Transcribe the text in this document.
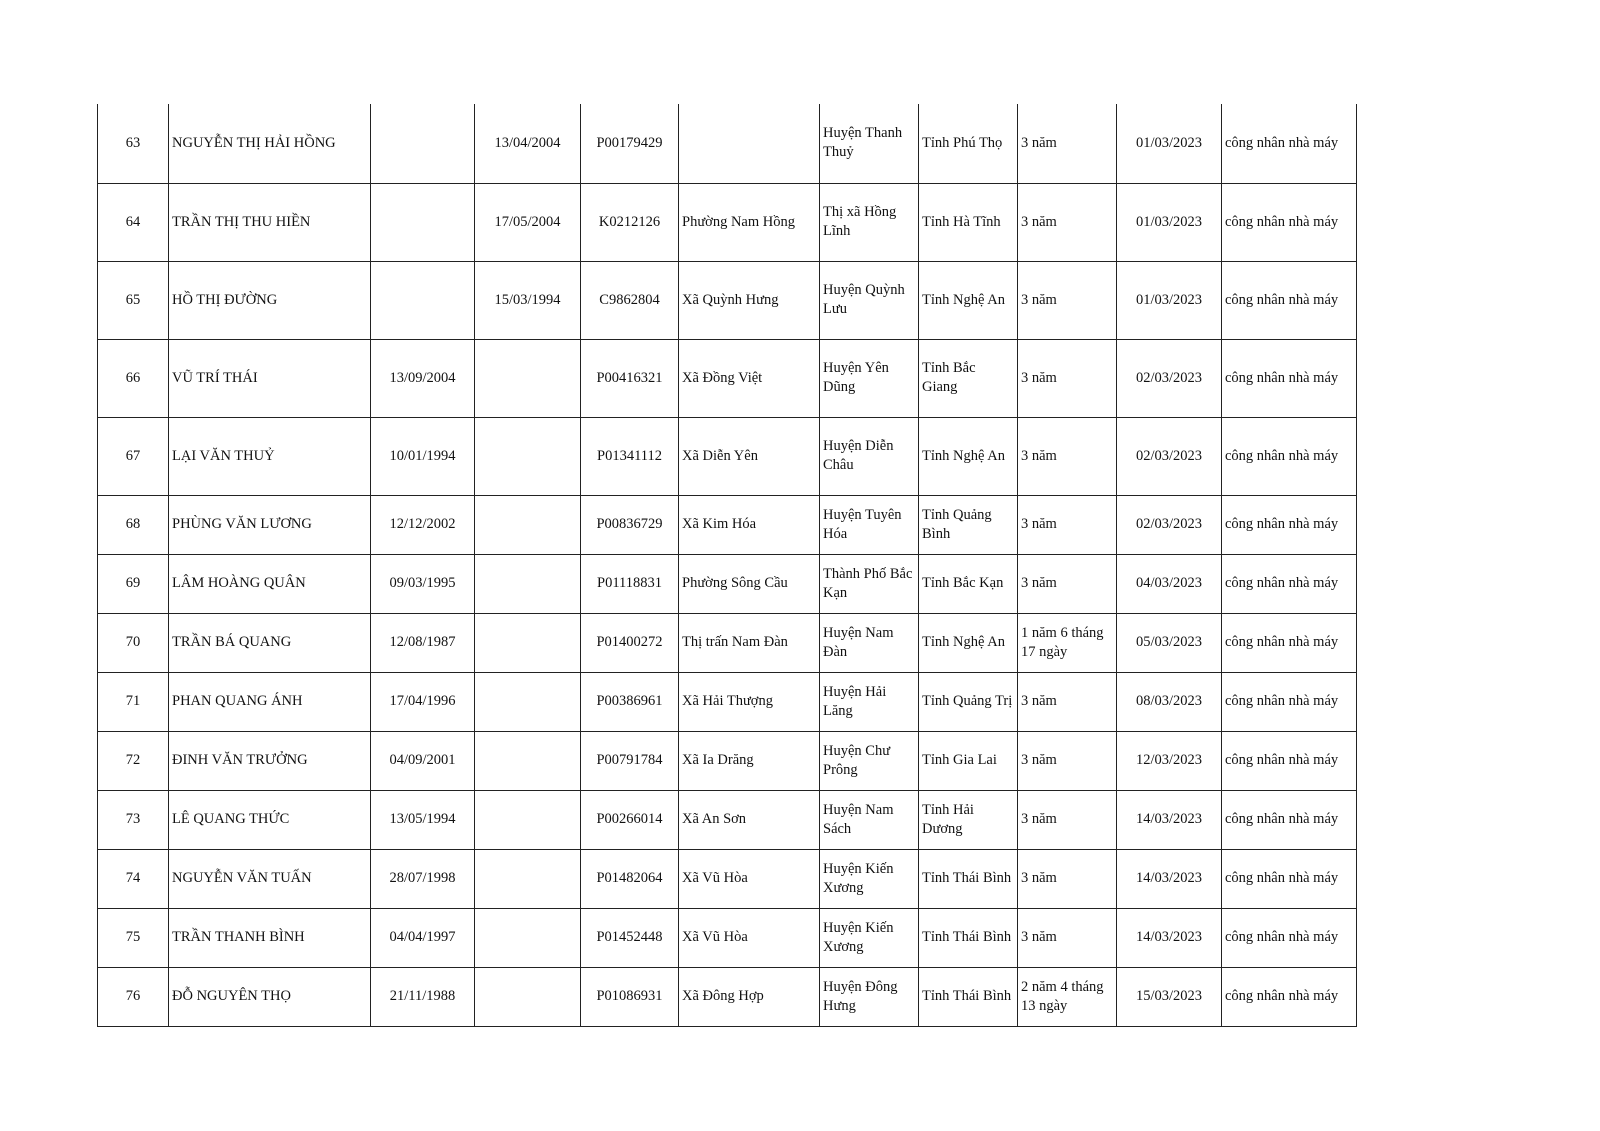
63	NGUYỄN THỊ HẢI HỒNG		13/04/2004	P00179429		Huyện Thanh Thuỷ	Tỉnh Phú Thọ	3 năm	01/03/2023	công nhân nhà máy
64	TRẦN THỊ THU HIỀN		17/05/2004	K0212126	Phường Nam Hồng	Thị xã Hồng Lĩnh	Tỉnh Hà Tĩnh	3 năm	01/03/2023	công nhân nhà máy
65	HỒ THỊ ĐƯỜNG		15/03/1994	C9862804	Xã Quỳnh Hưng	Huyện Quỳnh Lưu	Tỉnh Nghệ An	3 năm	01/03/2023	công nhân nhà máy
66	VŨ TRÍ THÁI	13/09/2004		P00416321	Xã Đồng Việt	Huyện Yên Dũng	Tỉnh Bắc Giang	3 năm	02/03/2023	công nhân nhà máy
67	LẠI VĂN THUỶ	10/01/1994		P01341112	Xã Diễn Yên	Huyện Diễn Châu	Tỉnh Nghệ An	3 năm	02/03/2023	công nhân nhà máy
68	PHÙNG VĂN LƯƠNG	12/12/2002		P00836729	Xã Kim Hóa	Huyện Tuyên Hóa	Tỉnh Quảng Bình	3 năm	02/03/2023	công nhân nhà máy
69	LÂM HOÀNG QUÂN	09/03/1995		P01118831	Phường Sông Cầu	Thành Phố Bắc Kạn	Tỉnh Bắc Kạn	3 năm	04/03/2023	công nhân nhà máy
70	TRẦN BÁ QUANG	12/08/1987		P01400272	Thị trấn Nam Đàn	Huyện Nam Đàn	Tỉnh Nghệ An	1 năm 6 tháng 17 ngày	05/03/2023	công nhân nhà máy
71	PHAN QUANG ÁNH	17/04/1996		P00386961	Xã Hải Thượng	Huyện Hải Lăng	Tỉnh Quảng Trị	3 năm	08/03/2023	công nhân nhà máy
72	ĐINH VĂN TRƯỞNG	04/09/2001		P00791784	Xã Ia Drăng	Huyện Chư Prông	Tỉnh Gia Lai	3 năm	12/03/2023	công nhân nhà máy
73	LÊ QUANG THỨC	13/05/1994		P00266014	Xã An Sơn	Huyện Nam Sách	Tỉnh Hải Dương	3 năm	14/03/2023	công nhân nhà máy
74	NGUYỄN VĂN TUẤN	28/07/1998		P01482064	Xã Vũ Hòa	Huyện Kiến Xương	Tỉnh Thái Bình	3 năm	14/03/2023	công nhân nhà máy
75	TRẦN THANH BÌNH	04/04/1997		P01452448	Xã Vũ Hòa	Huyện Kiến Xương	Tỉnh Thái Bình	3 năm	14/03/2023	công nhân nhà máy
76	ĐỖ NGUYÊN THỌ	21/11/1988		P01086931	Xã Đông Hợp	Huyện Đông Hưng	Tỉnh Thái Bình	2 năm 4 tháng 13 ngày	15/03/2023	công nhân nhà máy
